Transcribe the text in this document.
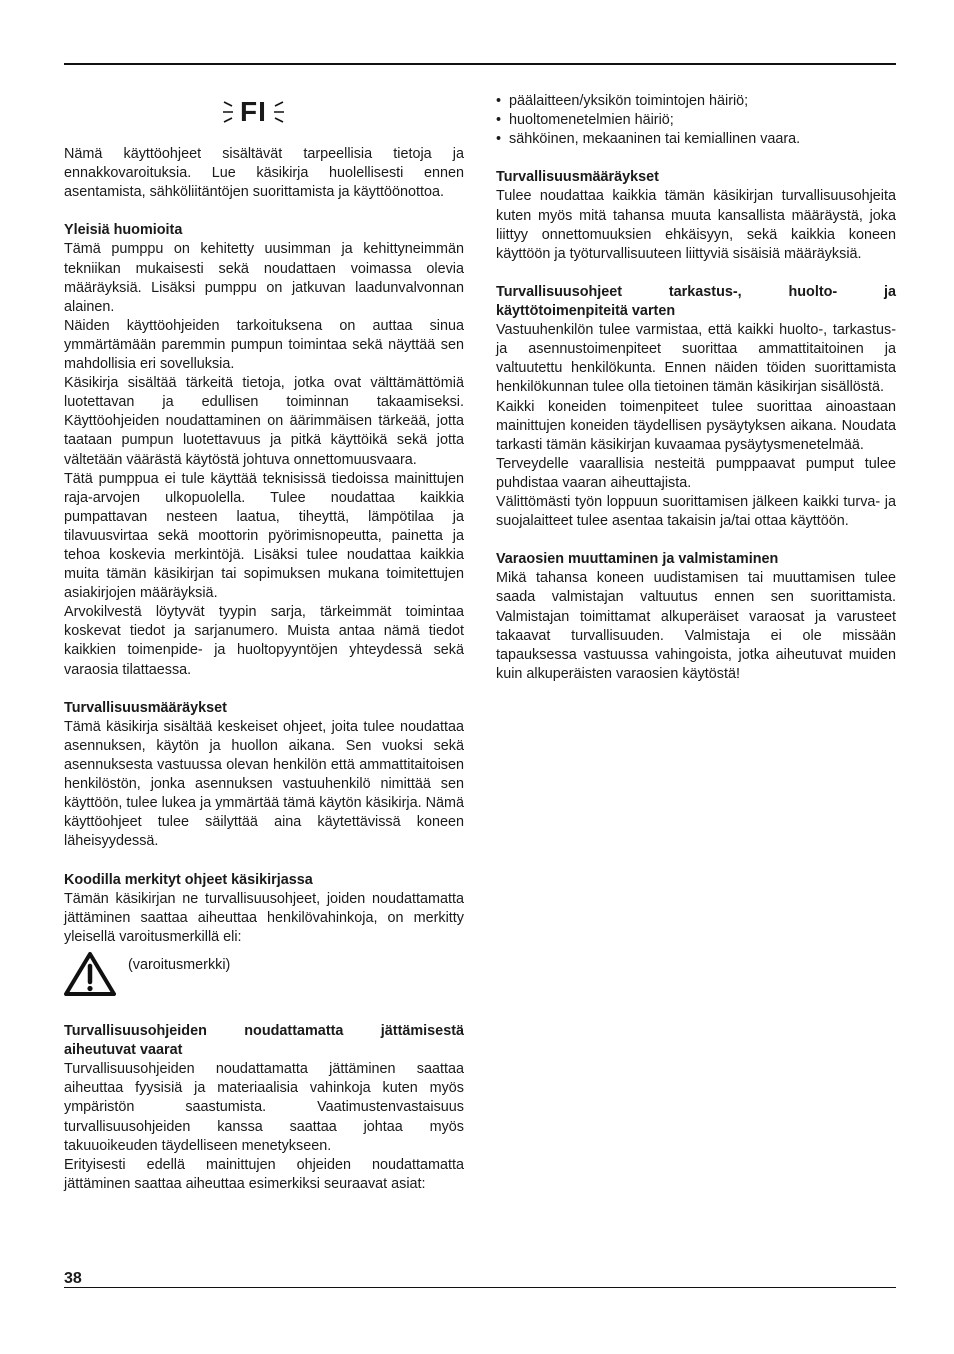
FI

Nämä käyttöohjeet sisältävät tarpeellisia tietoja ja ennakkovaroituksia. Lue käsikirja huolellisesti ennen asentamista, sähköliitäntöjen suorittamista ja käyttöönottoa.

Yleisiä huomioita

Tämä pumppu on kehitetty uusimman ja kehittyneimmän tekniikan mukaisesti sekä noudattaen voimassa olevia määräyksiä. Lisäksi pumppu on jatkuvan laadunvalvonnan alainen.

Näiden käyttöohjeiden tarkoituksena on auttaa sinua ymmärtämään paremmin pumpun toimintaa sekä näyttää sen mahdollisia eri sovelluksia.

Käsikirja sisältää tärkeitä tietoja, jotka ovat välttämättömiä luotettavan ja edullisen toiminnan takaamiseksi. Käyttöohjeiden noudattaminen on äärimmäisen tärkeää, jotta taataan pumpun luotettavuus ja pitkä käyttöikä sekä jotta vältetään väärästä käytöstä johtuva onnettomuusvaara.

Tätä pumppua ei tule käyttää teknisissä tiedoissa mainittujen raja-arvojen ulkopuolella. Tulee noudattaa kaikkia pumpattavan nesteen laatua, tiheyttä, lämpötilaa ja tilavuusvirtaa sekä moottorin pyörimisnopeutta, painetta ja tehoa koskevia merkintöjä. Lisäksi tulee noudattaa kaikkia muita tämän käsikirjan tai sopimuksen mukana toimitettujen asiakirjojen määräyksiä.

Arvokilvestä löytyvät tyypin sarja, tärkeimmät toimintaa koskevat tiedot ja sarjanumero. Muista antaa nämä tiedot kaikkien toimenpide- ja huoltopyyntöjen yhteydessä sekä varaosia tilattaessa.

Turvallisuusmääräykset

Tämä käsikirja sisältää keskeiset ohjeet, joita tulee noudattaa asennuksen, käytön ja huollon aikana. Sen vuoksi sekä asennuksesta vastuussa olevan henkilön että ammattitaitoisen henkilöstön, jonka asennuksen vastuuhenkilö nimittää sen käyttöön, tulee lukea ja ymmärtää tämä käytön käsikirja. Nämä käyttöohjeet tulee säilyttää aina käytettävissä koneen läheisyydessä.

Koodilla merkityt ohjeet käsikirjassa

Tämän käsikirjan ne turvallisuusohjeet, joiden noudattamatta jättäminen saattaa aiheuttaa henkilövahinkoja, on merkitty yleisellä varoitusmerkillä eli:

(varoitusmerkki)
Turvallisuusohjeiden noudattamatta jättämisestä aiheutuvat vaarat

Turvallisuusohjeiden noudattamatta jättäminen saattaa aiheuttaa fyysisiä ja materiaalisia vahinkoja kuten myös ympäristön saastumista. Vaatimustenvastaisuus turvallisuusohjeiden kanssa saattaa johtaa myös takuuoikeuden täydelliseen menetykseen.

Erityisesti edellä mainittujen ohjeiden noudattamatta jättäminen saattaa aiheuttaa esimerkiksi seuraavat asiat:

• päälaitteen/yksikön toimintojen häiriö;
• huoltomenetelmien häiriö;
• sähköinen, mekaaninen tai kemiallinen vaara.
Turvallisuusmääräykset

Tulee noudattaa kaikkia tämän käsikirjan turvallisuusohjeita kuten myös mitä tahansa muuta kansallista määräystä, joka liittyy onnettomuuksien ehkäisyyn, sekä kaikkia koneen käyttöön ja työturvallisuuteen liittyviä sisäisiä määräyksiä.

Turvallisuusohjeet tarkastus-, huolto- ja käyttötoimenpiteitä varten

Vastuuhenkilön tulee varmistaa, että kaikki huolto-, tarkastus- ja asennustoimenpiteet suorittaa ammattitaitoinen ja valtuutettu henkilökunta. Ennen näiden töiden suorittamista henkilökunnan tulee olla tietoinen tämän käsikirjan sisällöstä.

Kaikki koneiden toimenpiteet tulee suorittaa ainoastaan mainittujen koneiden täydellisen pysäytyksen aikana. Noudata tarkasti tämän käsikirjan kuvaamaa pysäytysmenetelmää.

Terveydelle vaarallisia nesteitä pumppaavat pumput tulee puhdistaa vaaran aiheuttajista.

Välittömästi työn loppuun suorittamisen jälkeen kaikki turva- ja suojalaitteet tulee asentaa takaisin ja/tai ottaa käyttöön.

Varaosien muuttaminen ja valmistaminen

Mikä tahansa koneen uudistamisen tai muuttamisen tulee saada valmistajan valtuutus ennen sen suorittamista. Valmistajan toimittamat alkuperäiset varaosat ja varusteet takaavat turvallisuuden. Valmistaja ei ole missään tapauksessa vastuussa vahingoista, jotka aiheutuvat muiden kuin alkuperäisten varaosien käytöstä!

38
